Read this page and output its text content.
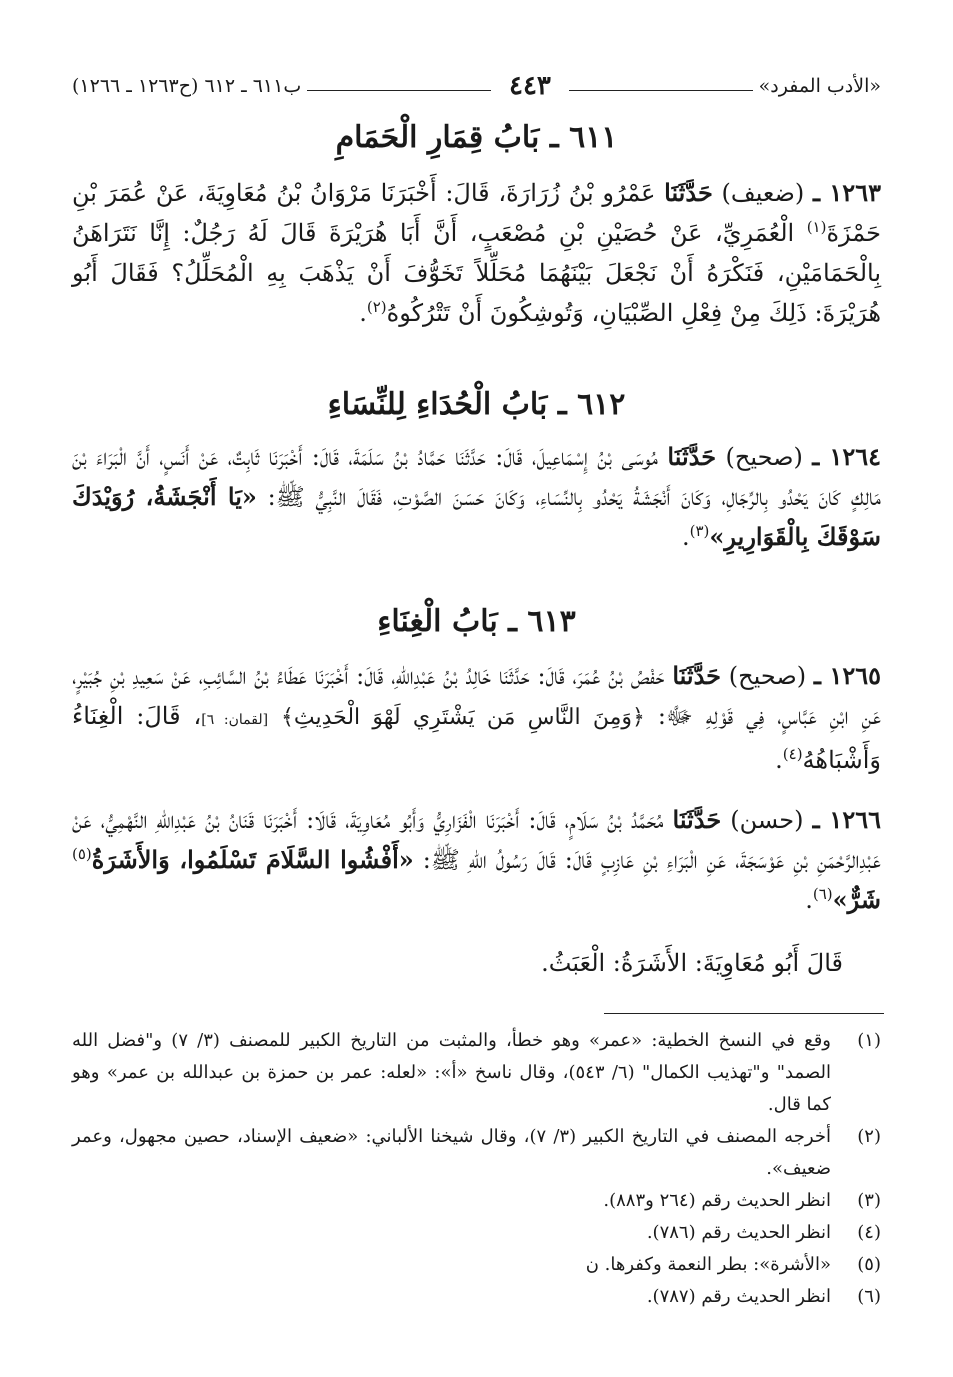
«الأدب المفرد»
٤٤٣
ب٦١١ ـ ٦١٢ (ح١٢٦٣ ـ ١٢٦٦)
٦١١ ـ بَابُ قِمَارِ الْحَمَامِ
١٢٦٣ ـ (ضعيف) حَدَّثَنَا عَمْرُو بْنُ زُرَارَةَ، قَالَ: أَخْبَرَنَا مَرْوَانُ بْنُ مُعَاوِيَةَ، عَنْ عُمَرَ بْنِ حَمْزَةَ$^{(١)}$ الْعُمَرِيِّ، عَنْ حُصَيْنِ بْنِ مُصْعَبٍ، أَنَّ أَبَا هُرَيْرَةَ قَالَ لَهُ رَجُلٌ: إِنَّا نَتَرَاهَنُ بِالْحَمَامَيْنِ، فَنَكْرَهُ أَنْ نَجْعَلَ بَيْنَهُمَا مُحَلِّلاً تَخَوُّفَ أَنْ يَذْهَبَ بِهِ الْمُحَلِّلُ؟ فَقَالَ أَبُو هُرَيْرَةَ: ذَلِكَ مِنْ فِعْلِ الصِّبْيَانِ، وَتُوشِكُونَ أَنْ تَتْرُكُوهُ$^{(٢)}$.
٦١٢ ـ بَابُ الْحُدَاءِ لِلنِّسَاءِ
١٢٦٤ ـ (صحيح) حَدَّثَنَا مُوسَى بْنُ إِسْمَاعِيلَ، قَالَ: حَدَّثَنَا حَمَّادُ بْنُ سَلَمَةَ، قَالَ: أَخْبَرَنَا ثَابِتٌ، عَنْ أَنَسٍ، أَنَّ الْبَرَاءَ بْنَ مَالِكٍ كَانَ يَحْدُو بِالرِّجَالِ، وَكَانَ أَنْجَشَةُ يَحْدُو بِالنِّسَاءِ، وَكَانَ حَسَنَ الصَّوْتِ، فَقَالَ النَّبِيُّ ﷺ: «يَا أَنْجَشَةُ، رُوَيْدَكَ سَوْقَكَ بِالْقَوَارِيرِ»$^{(٣)}$.
٦١٣ ـ بَابُ الْغِنَاءِ
١٢٦٥ ـ (صحيح) حَدَّثَنَا حَفْصُ بْنُ عُمَرَ، قَالَ: حَدَّثَنَا خَالِدُ بْنُ عَبْدِاللهِ، قَالَ: أَخْبَرَنَا عَطَاءُ بْنُ السَّائِبِ، عَنْ سَعِيدِ بْنِ جُبَيْرٍ، عَنِ ابْنِ عَبَّاسٍ، فِي قَوْلِهِ ﷻ: ﴿وَمِنَ النَّاسِ مَن يَشْتَرِي لَهْوَ الْحَدِيثِ﴾ [لقمان: ٦]، قَالَ: الْغِنَاءُ وَأَشْبَاهُهُ$^{(٤)}$.
١٢٦٦ ـ (حسن) حَدَّثَنَا مُحَمَّدُ بْنُ سَلَامٍ، قَالَ: أَخْبَرَنَا الْفَزَارِيُّ وَأَبُو مُعَاوِيَةَ، قَالَا: أَخْبَرَنَا قَنَانُ بْنُ عَبْدِاللهِ النَّهْمِيُّ، عَنْ عَبْدِالرَّحْمَنِ بْنِ عَوْسَجَةَ، عَنِ الْبَرَاءِ بْنِ عَازِبٍ قَالَ: قَالَ رَسُولُ اللهِ ﷺ: «أَفْشُوا السَّلَامَ تَسْلَمُوا، وَالأَشَرَةُ$^{(٥)}$ شَرٌّ»$^{(٦)}$.
قَالَ أَبُو مُعَاوِيَةَ: الأَشَرَةُ: الْعَبَثُ.
(١)
وقع في النسخ الخطية: «عمر» وهو خطأ، والمثبت من التاريخ الكبير للمصنف (٣/ ٧) و"فضل الله الصمد" و"تهذيب الكمال" (٦/ ٥٤٣)، وقال ناسخ «أ»: «لعله: عمر بن حمزة بن عبدالله بن عمر» وهو كما قال.
(٢)
أخرجه المصنف في التاريخ الكبير (٣/ ٧)، وقال شيخنا الألباني: «ضعيف الإسناد، حصين مجهول، وعمر ضعيف».
(٣)
انظر الحديث رقم (٢٦٤ و٨٨٣).
(٤)
انظر الحديث رقم (٧٨٦).
(٥)
«الأشرة»: بطر النعمة وكفرها. ن
(٦)
انظر الحديث رقم (٧٨٧).
